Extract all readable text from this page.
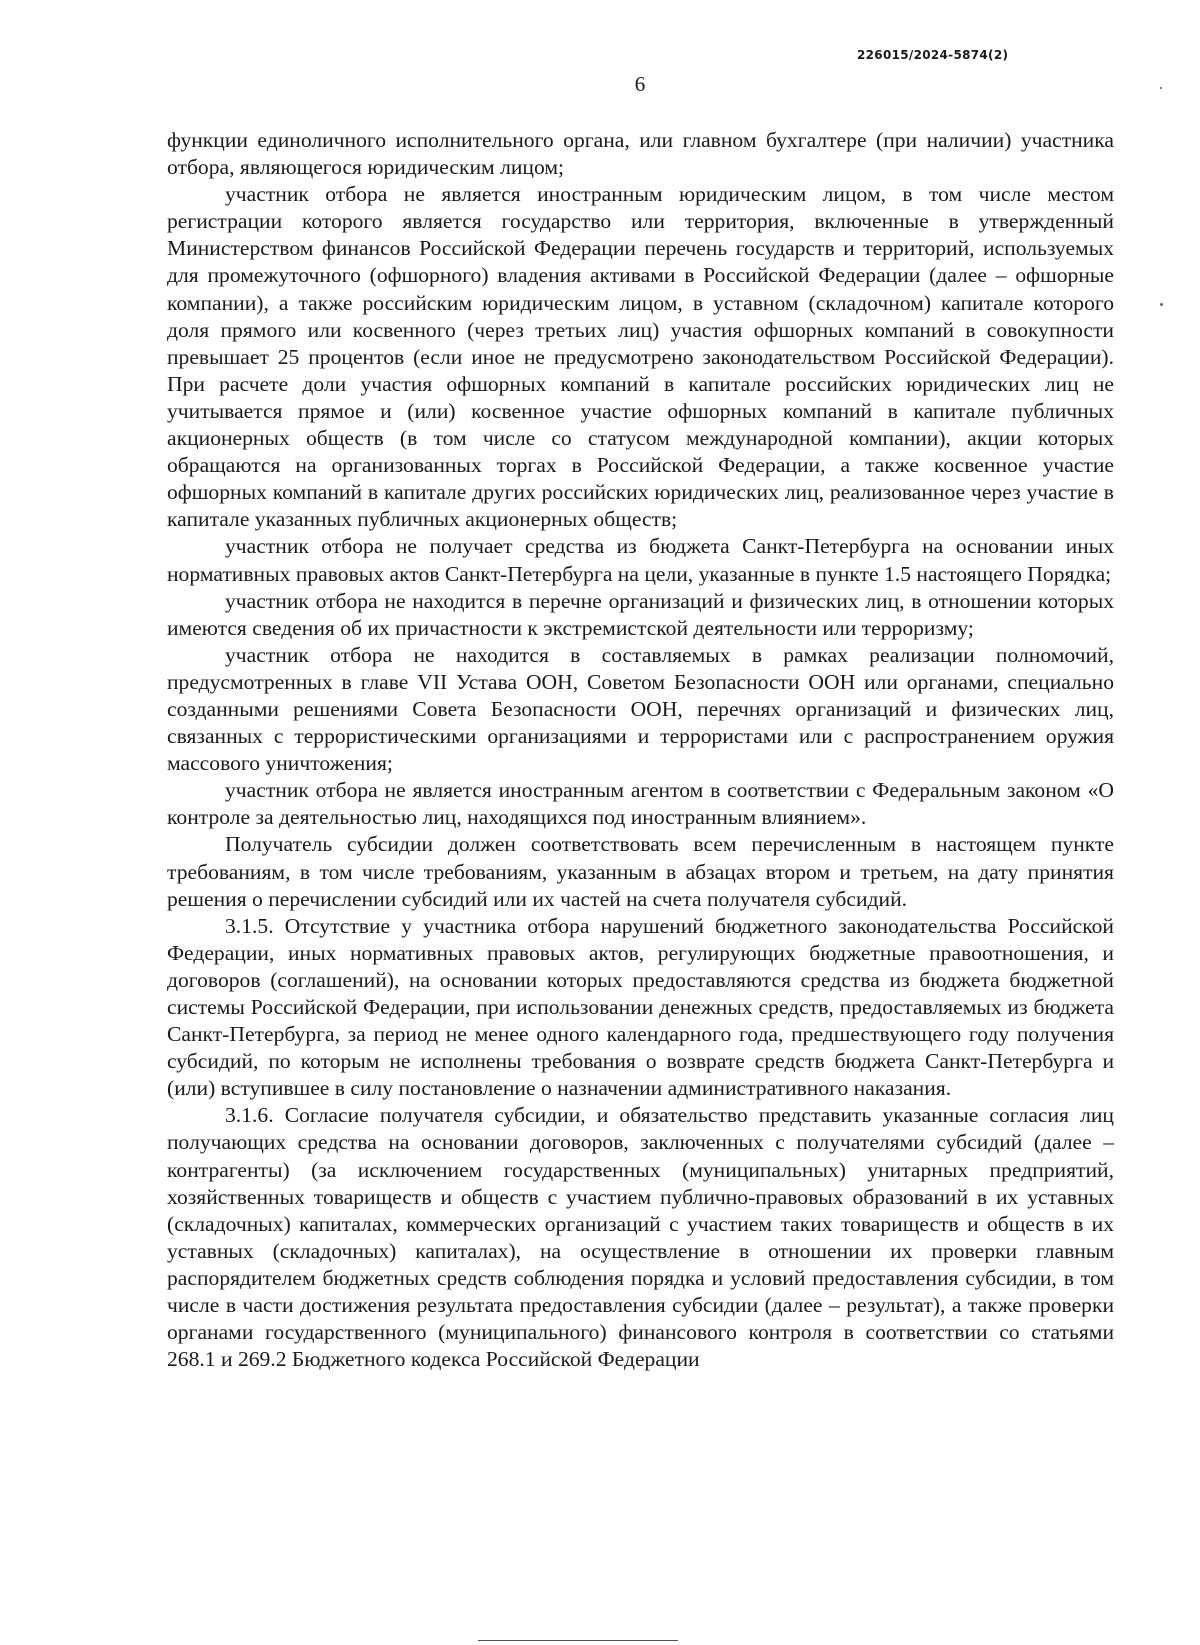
226015/2024-5874(2)
6

функции единоличного исполнительного органа, или главном бухгалтере (при наличии) участника отбора, являющегося юридическим лицом;

участник отбора не является иностранным юридическим лицом, в том числе местом регистрации которого является государство или территория, включенные в утвержденный Министерством финансов Российской Федерации перечень государств и территорий, используемых для промежуточного (офшорного) владения активами в Российской Федерации (далее – офшорные компании), а также российским юридическим лицом, в уставном (складочном) капитале которого доля прямого или косвенного (через третьих лиц) участия офшорных компаний в совокупности превышает 25 процентов (если иное не предусмотрено законодательством Российской Федерации). При расчете доли участия офшорных компаний в капитале российских юридических лиц не учитывается прямое и (или) косвенное участие офшорных компаний в капитале публичных акционерных обществ (в том числе со статусом международной компании), акции которых обращаются на организованных торгах в Российской Федерации, а также косвенное участие офшорных компаний в капитале других российских юридических лиц, реализованное через участие в капитале указанных публичных акционерных обществ;

участник отбора не получает средства из бюджета Санкт-Петербурга на основании иных нормативных правовых актов Санкт-Петербурга на цели, указанные в пункте 1.5 настоящего Порядка;

участник отбора не находится в перечне организаций и физических лиц, в отношении которых имеются сведения об их причастности к экстремистской деятельности или терроризму;

участник отбора не находится в составляемых в рамках реализации полномочий, предусмотренных в главе VII Устава ООН, Советом Безопасности ООН или органами, специально созданными решениями Совета Безопасности ООН, перечнях организаций и физических лиц, связанных с террористическими организациями и террористами или с распространением оружия массового уничтожения;

участник отбора не является иностранным агентом в соответствии с Федеральным законом «О контроле за деятельностью лиц, находящихся под иностранным влиянием».

Получатель субсидии должен соответствовать всем перечисленным в настоящем пункте требованиям, в том числе требованиям, указанным в абзацах втором и третьем, на дату принятия решения о перечислении субсидий или их частей на счета получателя субсидий.

3.1.5. Отсутствие у участника отбора нарушений бюджетного законодательства Российской Федерации, иных нормативных правовых актов, регулирующих бюджетные правоотношения, и договоров (соглашений), на основании которых предоставляются средства из бюджета бюджетной системы Российской Федерации, при использовании денежных средств, предоставляемых из бюджета Санкт-Петербурга, за период не менее одного календарного года, предшествующего году получения субсидий, по которым не исполнены требования о возврате средств бюджета Санкт-Петербурга и (или) вступившее в силу постановление о назначении административного наказания.

3.1.6. Согласие получателя субсидии, и обязательство представить указанные согласия лиц получающих средства на основании договоров, заключенных с получателями субсидий (далее – контрагенты) (за исключением государственных (муниципальных) унитарных предприятий, хозяйственных товариществ и обществ с участием публично-правовых образований в их уставных (складочных) капиталах, коммерческих организаций с участием таких товариществ и обществ в их уставных (складочных) капиталах), на осуществление в отношении их проверки главным распорядителем бюджетных средств соблюдения порядка и условий предоставления субсидии, в том числе в части достижения результата предоставления субсидии (далее – результат), а также проверки органами государственного (муниципального) финансового контроля в соответствии со статьями 268.1 и 269.2 Бюджетного кодекса Российской Федерации
